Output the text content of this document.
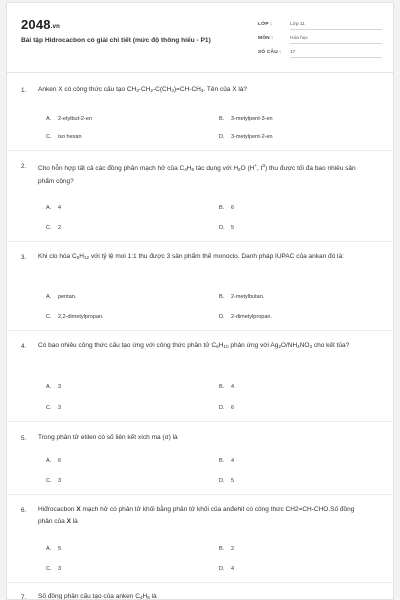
2048.vn
Bài tập Hidrocacbon có giải chi tiết (mức độ thông hiểu - P1)
LỚP :	Lớp 11
MÔN :	Hóa học
SỐ CÂU : 17
1. Anken X có công thức cấu tạo $CH_3-CH_2-C(CH_3)=CH-CH_3$. Tên của X là?
A. 2-etylbut-2-en	B. 3-metylpent-3-en
C. iso hexan	D. 3-metylpent-2-en
2. Cho hỗn hợp tất cả các đồng phân mạch hở của $C_4H_8$ tác dụng với $H_2O$ (H+, $t^0$) thu được tối đa bao nhiêu sản phẩm cộng?
A. 4	B. 6
C. 2	D. 5
3. Khi clo hóa $C_5H_{12}$ với tỷ lệ mol 1:1 thu được 3 sản phẩm thế monoclo. Danh pháp IUPAC của ankan đó là:
A. pentan.	B. 2-metylbutan.
C. 2,2-dimetylpropan.	D. 2-dimetylpropan.
4. Có bao nhiêu công thức cấu tạo ứng với công thức phân tử $C_6H_{10}$ phản ứng với $Ag_2O/NH_4NO_3$ cho kết tủa?
A. 3	B. 4
C. 3	D. 6
5. Trong phân tử etilen có số liên kết xích ma (σ) là
A. 6	B. 4
C. 3	D. 5
6. Hiđrocacbon X mạch hở có phân tử khối bằng phân tử khối của anđehit có công thức CH2=CH-CHO.Số đồng phân của X là
A. 5	B. 2
C. 3	D. 4
7. Số đồng phân cấu tạo của anken $C_4H_8$ là
